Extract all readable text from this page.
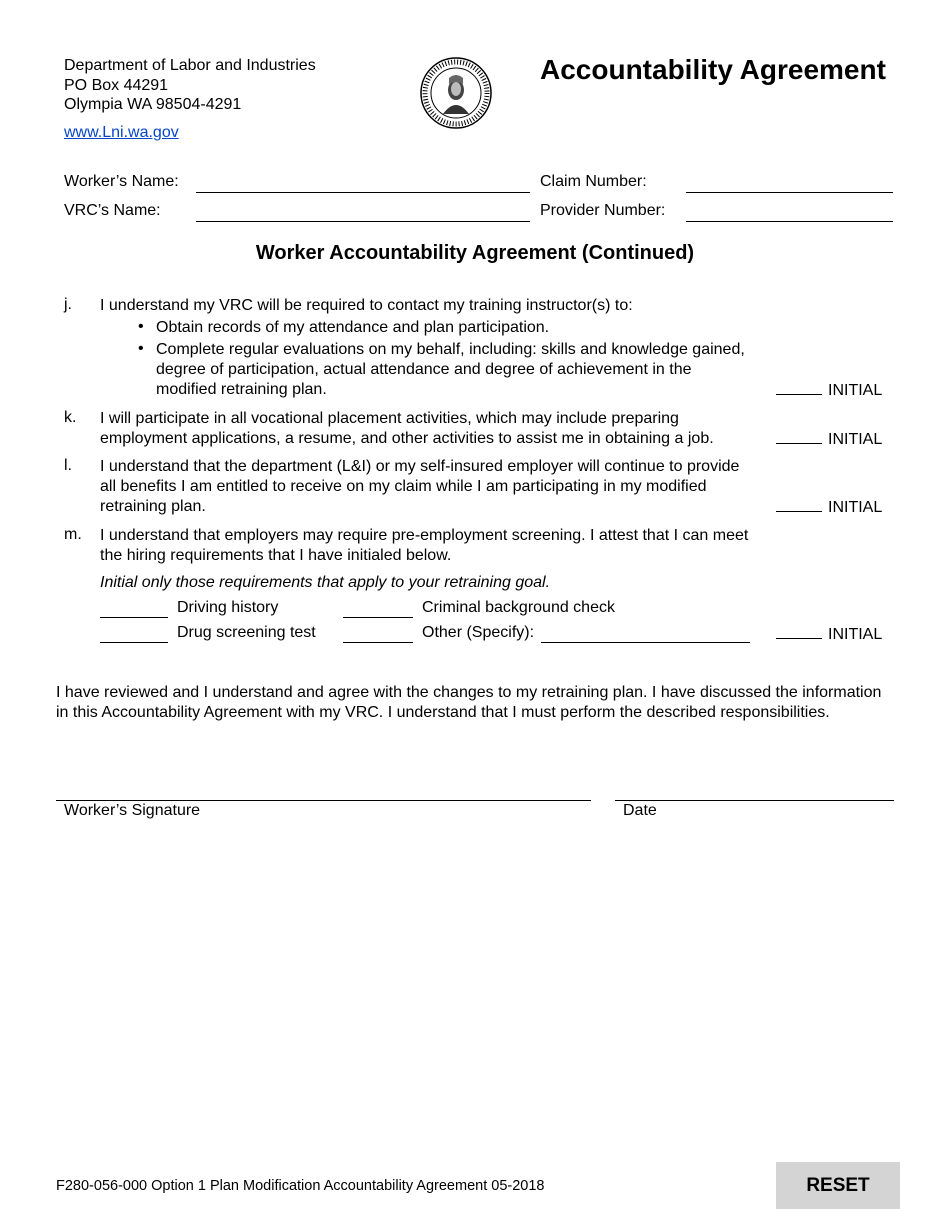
Department of Labor and Industries
PO Box 44291
Olympia WA 98504-4291
www.Lni.wa.gov
Accountability Agreement
Worker’s Name:	Claim Number:
VRC’s Name:	Provider Number:
Worker Accountability Agreement (Continued)
j. I understand my VRC will be required to contact my training instructor(s) to:
• Obtain records of my attendance and plan participation.
• Complete regular evaluations on my behalf, including: skills and knowledge gained, degree of participation, actual attendance and degree of achievement in the modified retraining plan.	INITIAL
k. I will participate in all vocational placement activities, which may include preparing employment applications, a resume, and other activities to assist me in obtaining a job.	INITIAL
l. I understand that the department (L&I) or my self-insured employer will continue to provide all benefits I am entitled to receive on my claim while I am participating in my modified retraining plan.	INITIAL
m. I understand that employers may require pre-employment screening. I attest that I can meet the hiring requirements that I have initialed below.
Initial only those requirements that apply to your retraining goal.
Driving history	Criminal background check
Drug screening test	Other (Specify):	INITIAL
I have reviewed and I understand and agree with the changes to my retraining plan. I have discussed the information in this Accountability Agreement with my VRC. I understand that I must perform the described responsibilities.
Worker’s Signature	Date
F280-056-000 Option 1 Plan Modification Accountability Agreement 05-2018	RESET
